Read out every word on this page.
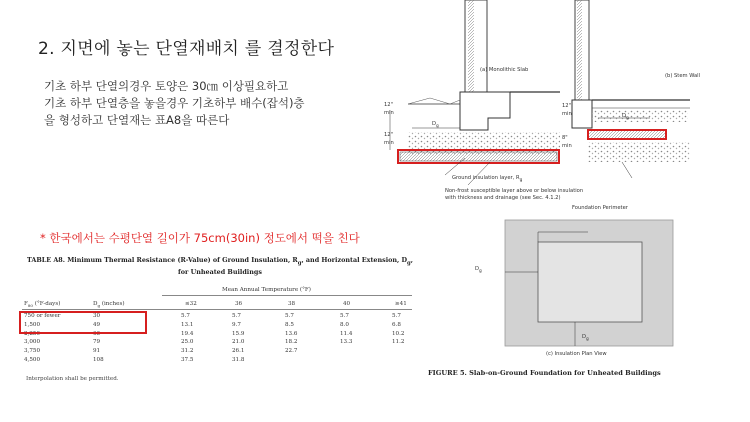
2. 지면에 놓는 단열재배치 를 결정한다
기초 하부 단열의경우 토양은 30㎝ 이상필요하고
기초 하부 단열층을 놓을경우 기초하부 배수(잡석)층
을 형성하고 단열재는 표A8을 따른다
* 한국에서는 수평단열 길이가 75cm(30in) 정도에서 떡을 친다
TABLE A8. Minimum Thermal Resistance (R-Value) of Ground Insulation, $R_g$, and Horizontal Extension, $D_g$,
for Unheated Buildings
Mean Annual Temperature (°F)
$F_{80}$ (°F-days)	$D_g$ (inches)	≤32	36	38	40	≥41
750 or fewer	30	5.7	5.7	5.7	5.7	5.7
1,500	49	13.1	9.7	8.5	8.0	6.8
2,250	63	19.4	15.9	13.6	11.4	10.2
3,000	79	25.0	21.0	18.2	13.3	11.2
3,750	91	31.2	26.1	22.7
4,500	108	37.5	31.8
Interpolation shall be permitted.
(a) Monolithic Slab
(b) Stem Wall
12"
min
12"
min
$D_g$
12"
min
8"
min
$D_g$
Ground insulation layer, $R_g$
Non-frost susceptible layer above or below insulation
with thickness and drainage (see Sec. 4.1.2)
Foundation Perimeter
$D_g$
$D_g$
(c) Insulation Plan View
FIGURE 5. Slab-on-Ground Foundation for Unheated Buildings
